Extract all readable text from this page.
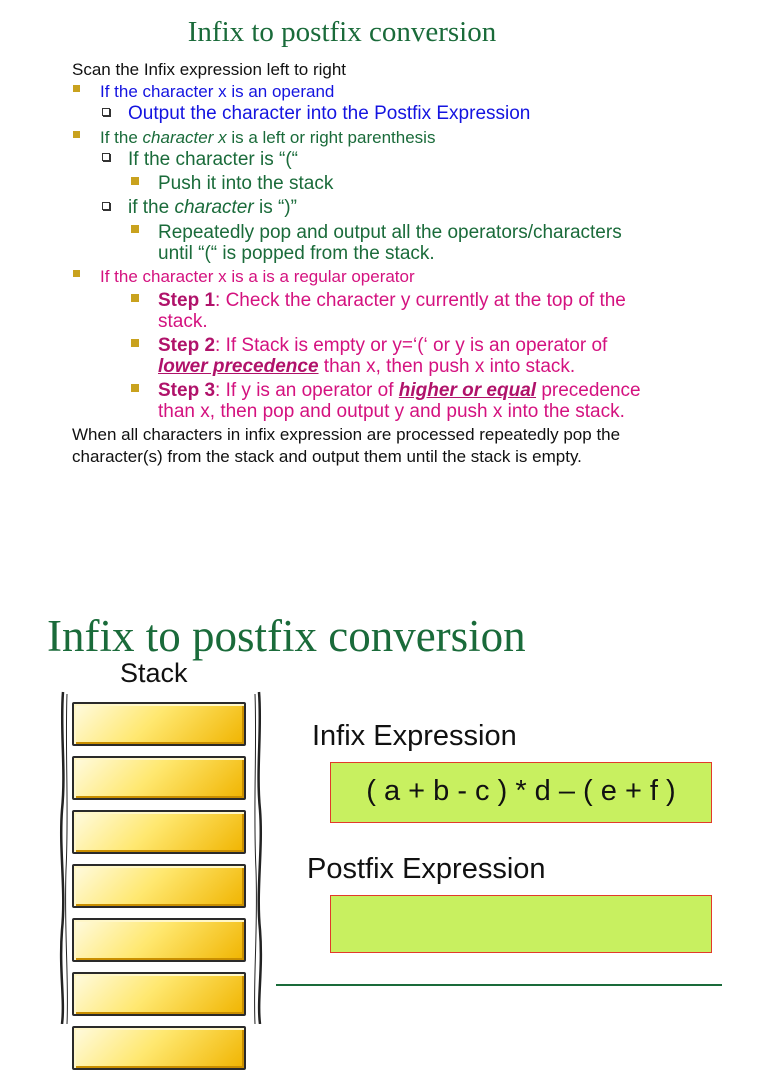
Infix to postfix conversion

Scan the Infix expression left to right

If the character x is an operand

Output the character into the Postfix Expression

If the character x is a left or right parenthesis

If the character is “(“

Push it into the stack

if the character is “)”

Repeatedly pop and output all the operators/characters
until “(“ is popped from the stack.

If the character x is a is a regular operator

Step 1: Check the character y currently at the top of the
stack.

Step 2: If Stack is empty or y=‘(‘ or y is an operator of
lower precedence than x, then push x into stack.

Step 3: If y is an operator of higher or equal precedence
than x, then pop and output y and push x into the stack.

When all characters in infix expression are processed repeatedly pop the
character(s) from the stack and output them until the stack is empty.

Infix to postfix conversion
Stack
Infix Expression
( a + b - c ) * d – ( e + f )
Postfix Expression
